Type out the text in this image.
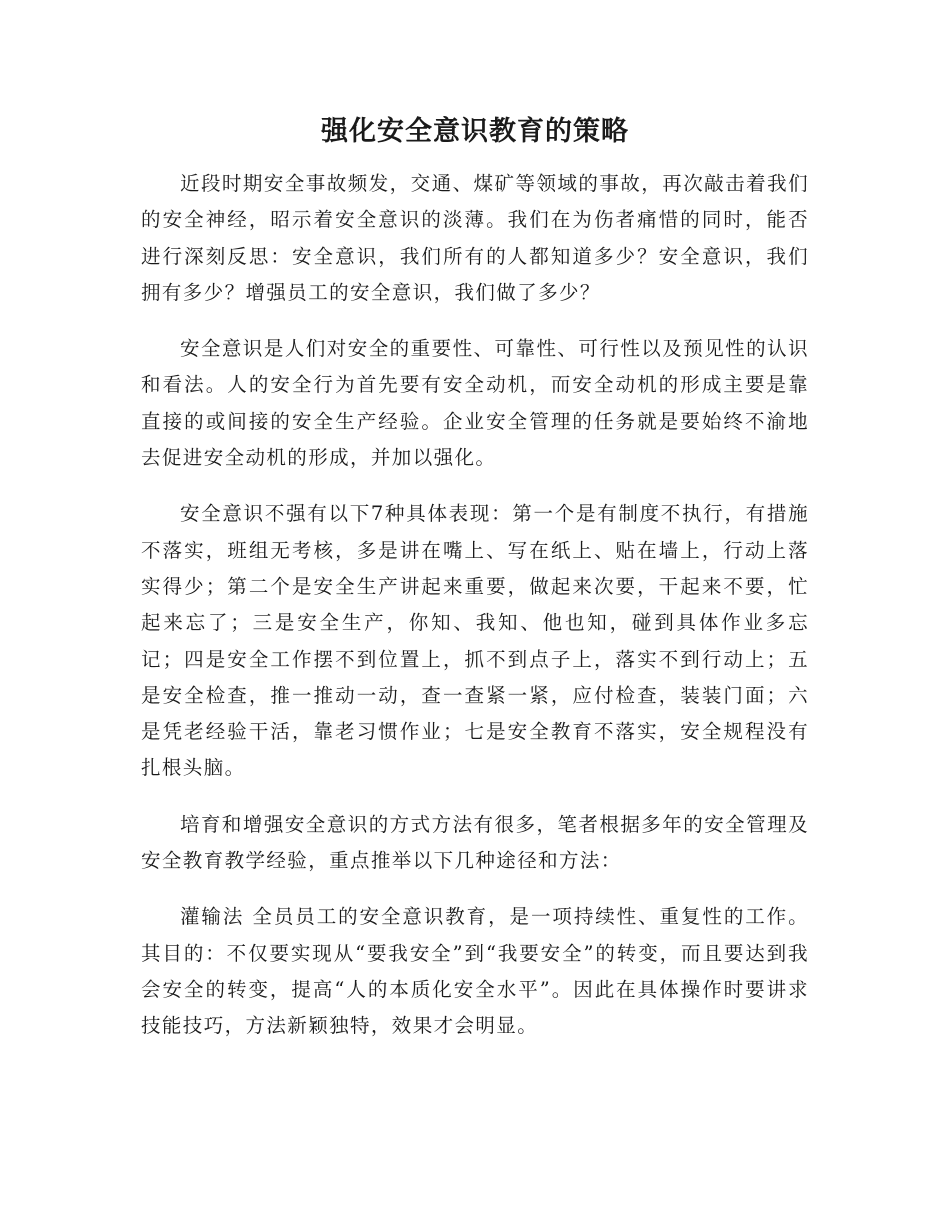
强化安全意识教育的策略

近段时期安全事故频发，交通、煤矿等领域的事故，再次敲击着我们的安全神经，昭示着安全意识的淡薄。我们在为伤者痛惜的同时，能否进行深刻反思：安全意识，我们所有的人都知道多少？安全意识，我们拥有多少？增强员工的安全意识，我们做了多少？

安全意识是人们对安全的重要性、可靠性、可行性以及预见性的认识和看法。人的安全行为首先要有安全动机，而安全动机的形成主要是靠直接的或间接的安全生产经验。企业安全管理的任务就是要始终不渝地去促进安全动机的形成，并加以强化。

安全意识不强有以下7种具体表现：第一个是有制度不执行，有措施不落实，班组无考核，多是讲在嘴上、写在纸上、贴在墙上，行动上落实得少；第二个是安全生产讲起来重要，做起来次要，干起来不要，忙起来忘了；三是安全生产，你知、我知、他也知，碰到具体作业多忘记；四是安全工作摆不到位置上，抓不到点子上，落实不到行动上；五是安全检查，推一推动一动，查一查紧一紧，应付检查，装装门面；六是凭老经验干活，靠老习惯作业；七是安全教育不落实，安全规程没有扎根头脑。

培育和增强安全意识的方式方法有很多，笔者根据多年的安全管理及安全教育教学经验，重点推举以下几种途径和方法：

灌输法 全员员工的安全意识教育，是一项持续性、重复性的工作。其目的：不仅要实现从“要我安全”到“我要安全”的转变，而且要达到我会安全的转变，提高“人的本质化安全水平”。因此在具体操作时要讲求技能技巧，方法新颖独特，效果才会明显。
